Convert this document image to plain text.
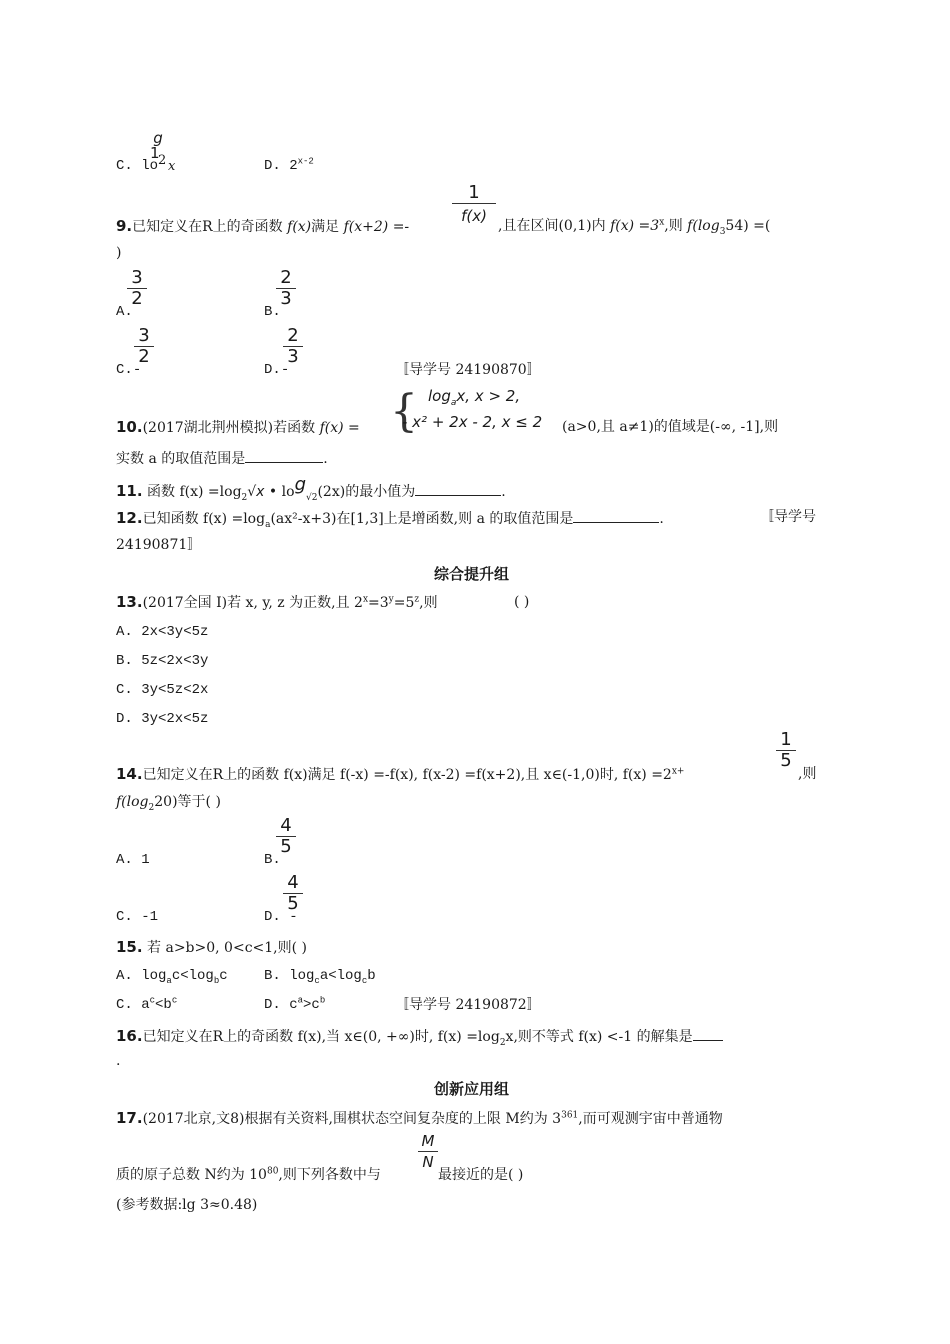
g
1
C. lo 2 x	D. 2$^{x-2}$
$\frac{1}{f(x)}$
9.已知定义在R上的奇函数 f(x)满足 f(x+2) =-	,且在区间(0,1)内 $f(x) =3^x$,则 $f(\log_354)$ =(
)
3
2
A.
2
3
B.
3
2
C.-
2
3
D.-	〚导学号 24190870〛
{ $\log_ax$, x > 2,
- x² + 2x - 2, x ≤ 2
10.(2017湖北荆州模拟)若函数 f(x) =	(a>0,且 a≠1)的值域是(-∞, -1],则
实数 a 的取值范围是	.
11. 函数 $f(x) =\log_2√x$ • $\log_{√2}(2x)$的最小值为	.
12.已知函数 $f(x) =\log_a(ax^2-x+3)$在[1,3]上是增函数,则 a 的取值范围是	.	〚导学号
24190871〛
综合提升组
13.(2017全国 I)若 x, y, z 为正数,且 $2^x=3^y=5^z$,则	( )
A. 2x<3y<5z
B. 5z<2x<3y
C. 3y<5z<2x
D. 3y<2x<5z
1
5
14.已知定义在R上的函数 f(x)满足 f(-x) =-f(x), f(x-2) =f(x+2),且 x∈(-1,0)时, $f(x) =2^{x+}$	,则
$f(\log_220)$等于( )
A. 1
4
5
B.
C. -1
4
5
D. -
15. 若 a>b>0, 0<c<1,则( )
A. $\log_ac<\log_bc$	B. $\log_ca<\log_cb$
C. $a^c<b^c$	D. $c^a>c^b$	〚导学号 24190872〛
16.已知定义在R上的奇函数 f(x),当 x∈(0, +∞)时, $f(x) =\log_2x$,则不等式 f(x) <-1 的解集是
.
创新应用组
17.(2017北京,文8)根据有关资料,围棋状态空间复杂度的上限 M约为 $3^{361}$,而可观测宇宙中普通物
M
N
质的原子总数 N约为 $10^{80}$,则下列各数中与	最接近的是( )
(参考数据:lg 3≈0.48)
